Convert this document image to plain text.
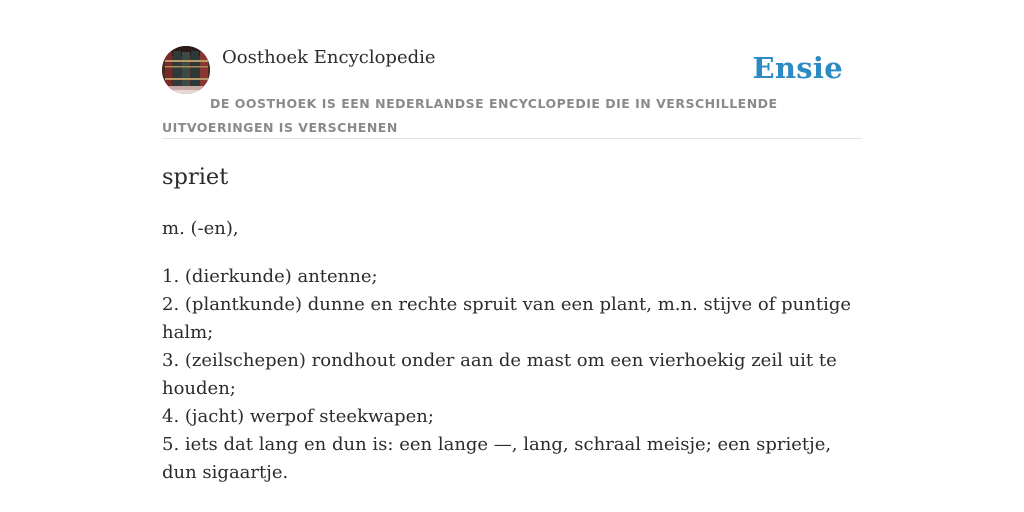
Oosthoek Encyclopedie	Ensie
DE OOSTHOEK IS EEN NEDERLANDSE ENCYCLOPEDIE DIE IN VERSCHILLENDE UITVOERINGEN IS VERSCHENEN
spriet
m. (-en),
1. (dierkunde) antenne;
2. (plantkunde) dunne en rechte spruit van een plant, m.n. stijve of puntige halm;
3. (zeilschepen) rondhout onder aan de mast om een vierhoekig zeil uit te houden;
4. (jacht) werpof steekwapen;
5. iets dat lang en dun is: een lange —, lang, schraal meisje; een sprietje, dun sigaartje.
